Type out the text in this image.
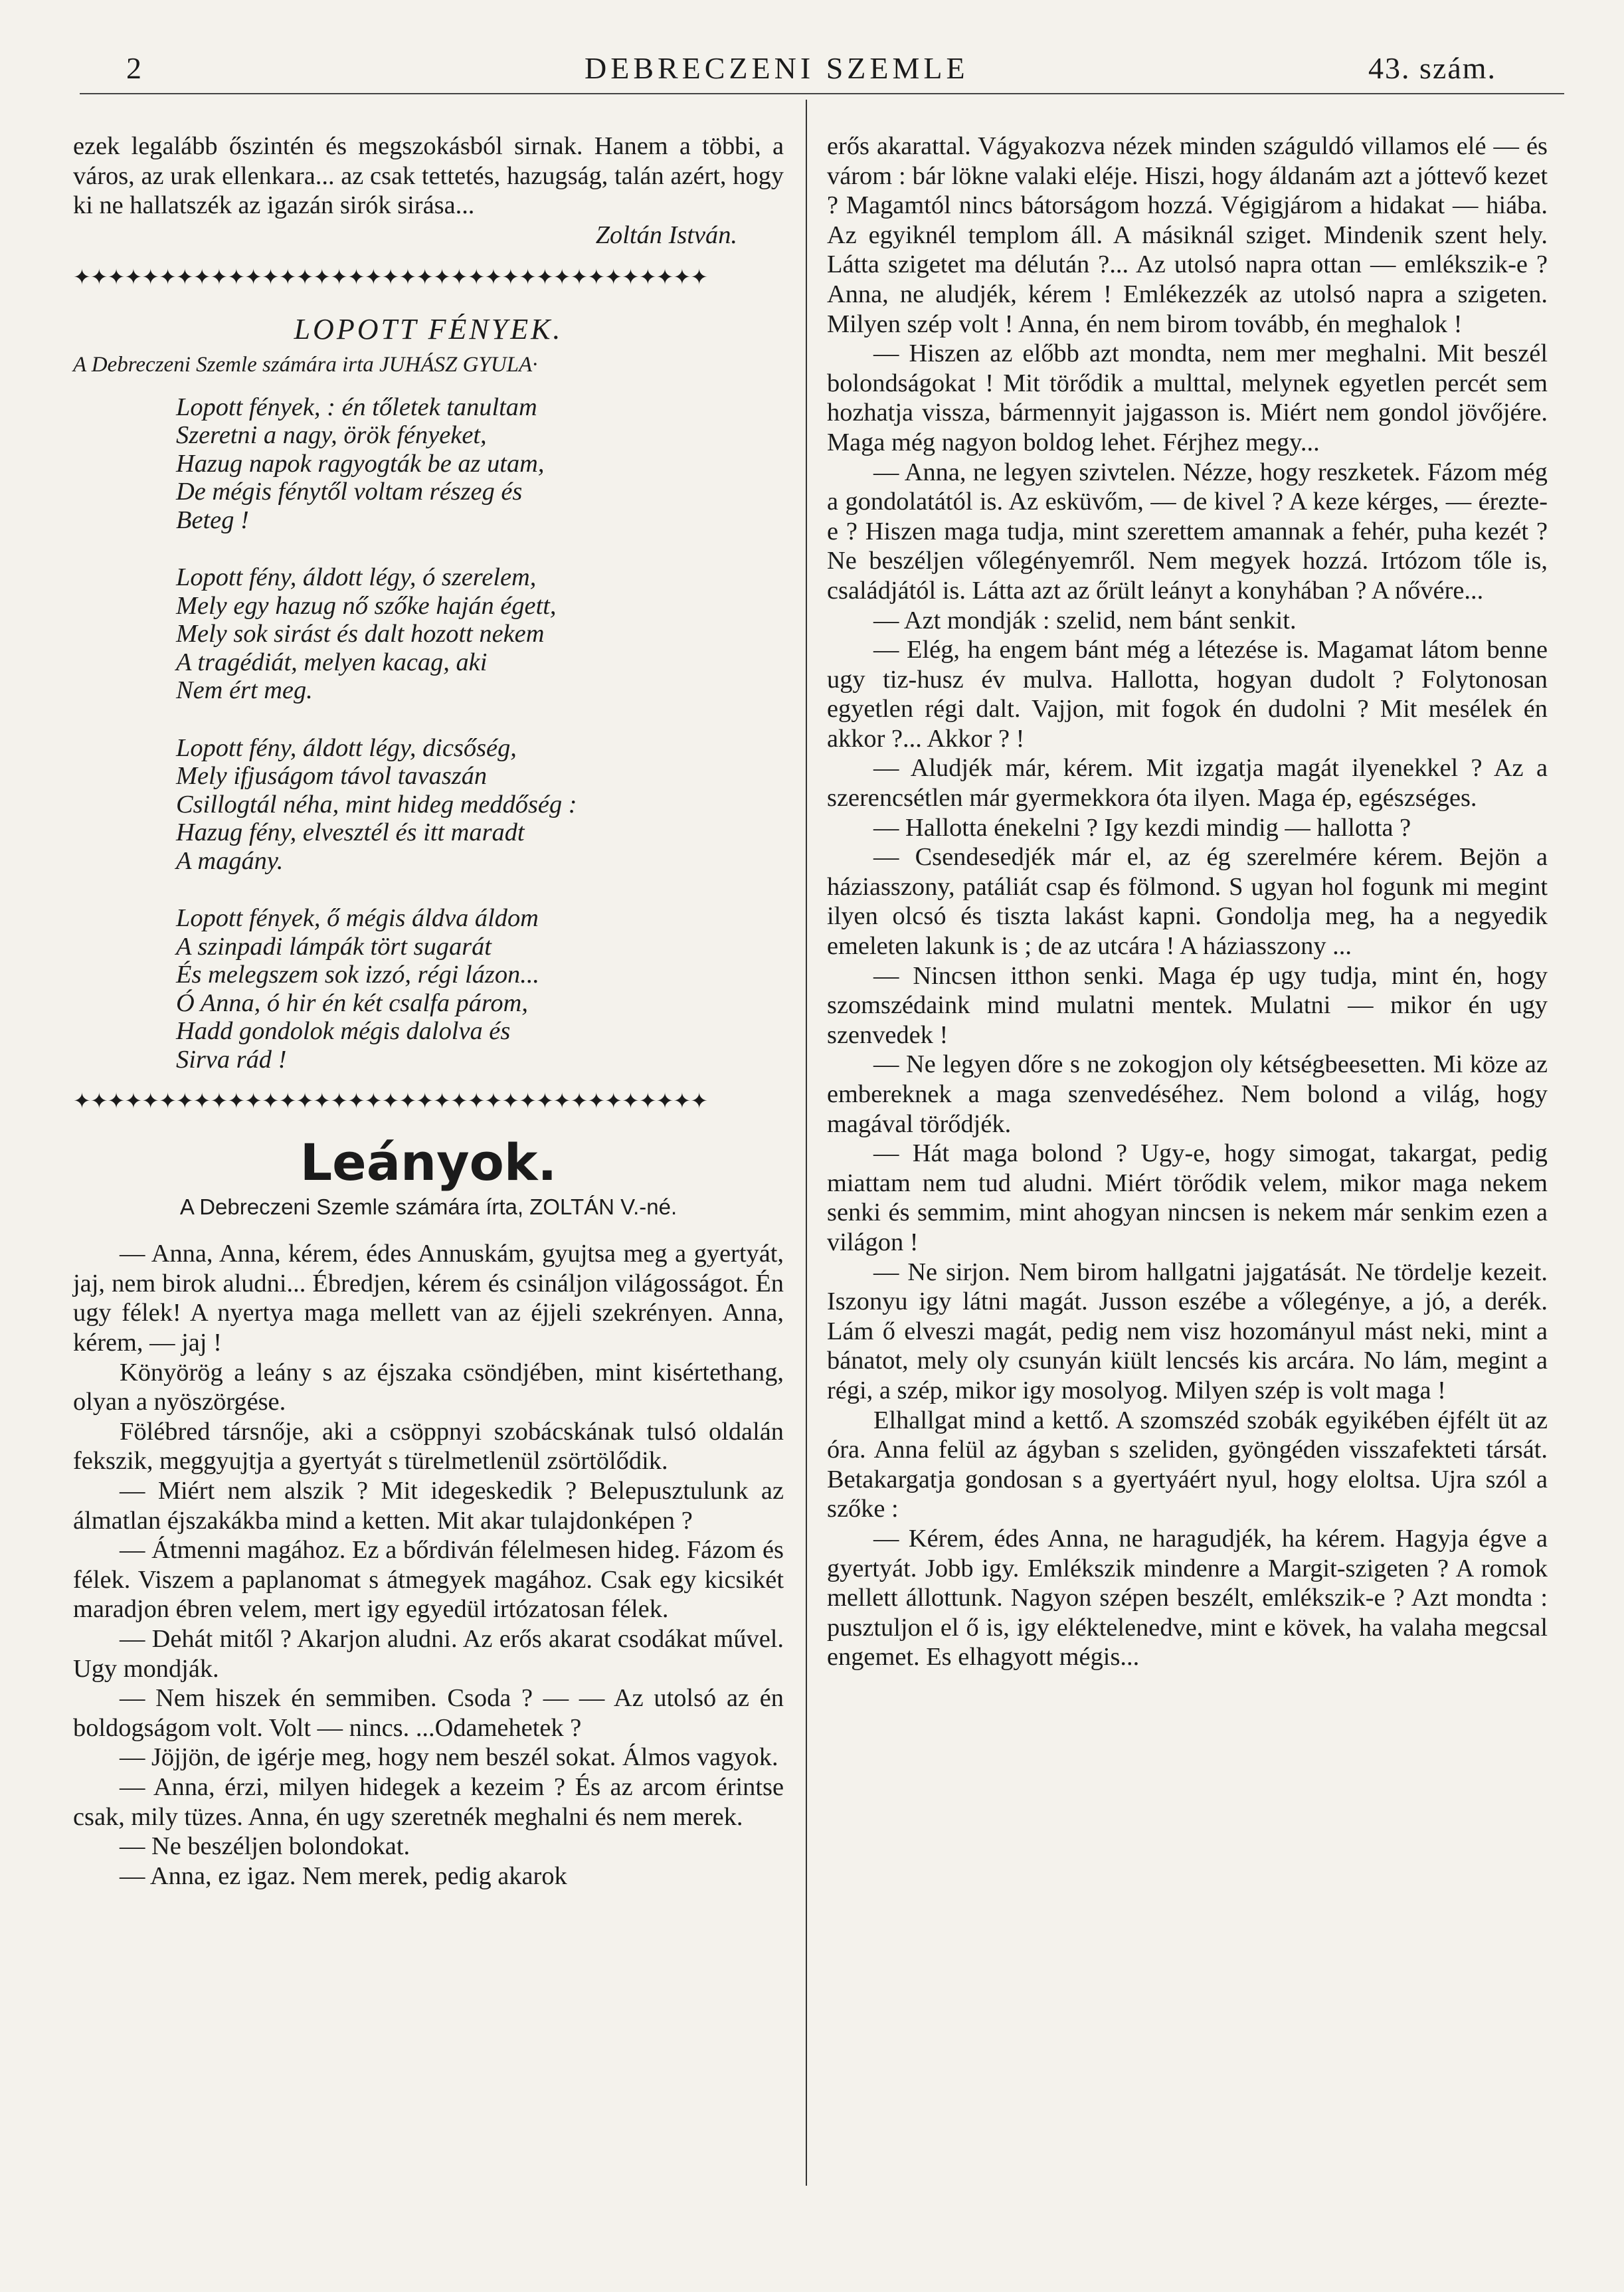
2	DEBRECZENI SZEMLE	43. szám.

ezek legalább őszintén és megszokásból sirnak. Hanem a többi, a város, az urak ellenkara... az csak tettetés, hazugság, talán azért, hogy ki ne hallatszék az igazán sirók sirása...

Zoltán István.

✦✦✦✦✦✦✦✦✦✦✦✦✦✦✦✦✦✦✦✦✦✦✦✦✦✦✦✦✦✦✦✦✦✦✦✦✦
LOPOTT FÉNYEK.
A Debreczeni Szemle számára irta JUHÁSZ GYULA·
Lopott fények, : én tőletek tanultam
Szeretni a nagy, örök fényeket,
Hazug napok ragyogták be az utam,
De mégis fénytől voltam részeg és
Beteg !
Lopott fény, áldott légy, ó szerelem,
Mely egy hazug nő szőke haján égett,
Mely sok sirást és dalt hozott nekem
A tragédiát, melyen kacag, aki
Nem ért meg.
Lopott fény, áldott légy, dicsőség,
Mely ifjuságom távol tavaszán
Csillogtál néha, mint hideg meddőség :
Hazug fény, elvesztél és itt maradt
A magány.
Lopott fények, ő mégis áldva áldom
A szinpadi lámpák tört sugarát
És melegszem sok izzó, régi lázon...
Ó Anna, ó hir én két csalfa párom,
Hadd gondolok mégis dalolva és
Sirva rád !
✦✦✦✦✦✦✦✦✦✦✦✦✦✦✦✦✦✦✦✦✦✦✦✦✦✦✦✦✦✦✦✦✦✦✦✦✦
Leányok.
A Debreczeni Szemle számára írta, ZOLTÁN V.-né.

— Anna, Anna, kérem, édes Annuskám, gyujtsa meg a gyertyát, jaj, nem birok aludni... Ébredjen, kérem és csináljon világosságot. Én ugy félek! A nyertya maga mellett van az éjjeli szekrényen. Anna, kérem, — jaj !

Könyörög a leány s az éjszaka csöndjében, mint kisértethang, olyan a nyöszörgése.

Fölébred társnője, aki a csöppnyi szobácskának tulsó oldalán fekszik, meggyujtja a gyertyát s türelmetlenül zsörtölődik.

— Miért nem alszik ? Mit idegeskedik ? Belepusztulunk az álmatlan éjszakákba mind a ketten. Mit akar tulajdonképen ?

— Átmenni magához. Ez a bőrdiván félelmesen hideg. Fázom és félek. Viszem a paplanomat s átmegyek magához. Csak egy kicsikét maradjon ébren velem, mert igy egyedül irtózatosan félek.

— Dehát mitől ? Akarjon aludni. Az erős akarat csodákat művel. Ugy mondják.

— Nem hiszek én semmiben. Csoda ? — — Az utolsó az én boldogságom volt. Volt — nincs. ...Odamehetek ?

— Jöjjön, de igérje meg, hogy nem beszél sokat. Álmos vagyok.

— Anna, érzi, milyen hidegek a kezeim ? És az arcom érintse csak, mily tüzes. Anna, én ugy szeretnék meghalni és nem merek.

— Ne beszéljen bolondokat.

— Anna, ez igaz. Nem merek, pedig akarok

erős akarattal. Vágyakozva nézek minden száguldó villamos elé — és várom : bár lökne valaki eléje. Hiszi, hogy áldanám azt a jóttevő kezet ? Magamtól nincs bátorságom hozzá. Végigjárom a hidakat — hiába. Az egyiknél templom áll. A másiknál sziget. Mindenik szent hely. Látta szigetet ma délután ?... Az utolsó napra ottan — emlékszik-e ? Anna, ne aludjék, kérem ! Emlékezzék az utolsó napra a szigeten. Milyen szép volt ! Anna, én nem birom tovább, én meghalok !

— Hiszen az előbb azt mondta, nem mer meghalni. Mit beszél bolondságokat ! Mit törődik a multtal, melynek egyetlen percét sem hozhatja vissza, bármennyit jajgasson is. Miért nem gondol jövőjére. Maga még nagyon boldog lehet. Férjhez megy...

— Anna, ne legyen szivtelen. Nézze, hogy reszketek. Fázom még a gondolatától is. Az esküvőm, — de kivel ? A keze kérges, — érezte-e ? Hiszen maga tudja, mint szerettem amannak a fehér, puha kezét ? Ne beszéljen vőlegényemről. Nem megyek hozzá. Irtózom tőle is, családjától is. Látta azt az őrült leányt a konyhában ? A nővére...

— Azt mondják : szelid, nem bánt senkit.

— Elég, ha engem bánt még a létezése is. Magamat látom benne ugy tiz-husz év mulva. Hallotta, hogyan dudolt ? Folytonosan egyetlen régi dalt. Vajjon, mit fogok én dudolni ? Mit mesélek én akkor ?... Akkor ? !

— Aludjék már, kérem. Mit izgatja magát ilyenekkel ? Az a szerencsétlen már gyermekkora óta ilyen. Maga ép, egészséges.

— Hallotta énekelni ? Igy kezdi mindig — hallotta ?

— Csendesedjék már el, az ég szerelmére kérem. Bejön a háziasszony, patáliát csap és fölmond. S ugyan hol fogunk mi megint ilyen olcsó és tiszta lakást kapni. Gondolja meg, ha a negyedik emeleten lakunk is ; de az utcára ! A háziasszony ...

— Nincsen itthon senki. Maga ép ugy tudja, mint én, hogy szomszédaink mind mulatni mentek. Mulatni — mikor én ugy szenvedek !

— Ne legyen dőre s ne zokogjon oly kétségbeesetten. Mi köze az embereknek a maga szenvedéséhez. Nem bolond a világ, hogy magával törődjék.

— Hát maga bolond ? Ugy-e, hogy simogat, takargat, pedig miattam nem tud aludni. Miért törődik velem, mikor maga nekem senki és semmim, mint ahogyan nincsen is nekem már senkim ezen a világon !

— Ne sirjon. Nem birom hallgatni jajgatását. Ne tördelje kezeit. Iszonyu igy látni magát. Jusson eszébe a vőlegénye, a jó, a derék. Lám ő elveszi magát, pedig nem visz hozományul mást neki, mint a bánatot, mely oly csunyán kiült lencsés kis arcára. No lám, megint a régi, a szép, mikor igy mosolyog. Milyen szép is volt maga !

Elhallgat mind a kettő. A szomszéd szobák egyikében éjfélt üt az óra. Anna felül az ágyban s szeliden, gyöngéden visszafekteti társát. Betakargatja gondosan s a gyertyáért nyul, hogy eloltsa. Ujra szól a szőke :

— Kérem, édes Anna, ne haragudjék, ha kérem. Hagyja égve a gyertyát. Jobb igy. Emlékszik mindenre a Margit-szigeten ? A romok mellett állottunk. Nagyon szépen beszélt, emlékszik-e ? Azt mondta : pusztuljon el ő is, igy eléktelenedve, mint e kövek, ha valaha megcsal engemet. Es elhagyott mégis...
